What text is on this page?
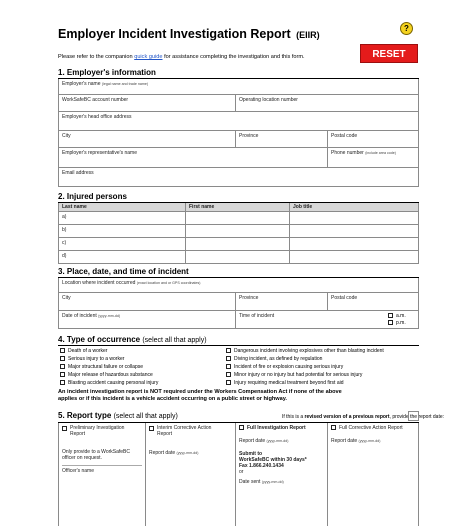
Employer Incident Investigation Report (EIIR)
?
Please refer to the companion quick guide for assistance completing the investigation and this form.	RESET
1. Employer's information
Employer's name (legal name and trade name)
WorkSafeBC account number	Operating location number
Employer's head office address
City	Province	Postal code
Employer's representative's name	Phone number (include area code)
Email address
2. Injured persons
Last name	First name	Job title
a)
b)
c)
d)
3. Place, date, and time of incident
Location where incident occurred (exact location and or GPS coordinates)
City	Province	Postal code
Date of incident (yyyy-mm-dd)	Time of incident	a.m.
p.m.
4. Type of occurrence (select all that apply)
Death of a worker
Serious injury to a worker
Major structural failure or collapse
Major release of hazardous substance
Blasting accident causing personal injury
Dangerous incident involving explosives other than blasting incident
Diving incident, as defined by regulation
Incident of fire or explosion causing serious injury
Minor injury or no injury but had potential for serious injury
Injury requiring medical treatment beyond first aid
An incident investigation report is NOT required under the Workers Compensation Act if none of the above
applies or if this incident is a vehicle accident occurring on a public street or highway.
5. Report type (select all that apply)	If this is a revised version of a previous report, provide the report date:
Preliminary Investigation Report
Only provide to a WorkSafeBC officer on request.
Officer's name
Interim Corrective Action Report
Report date (yyyy-mm-dd)
Full Investigation Report
Report date (yyyy-mm-dd)
Submit to
WorkSafeBC within 30 days*
Fax 1.866.240.1434
or
Date sent (yyyy-mm-dd)
Full Corrective Action Report
Report date (yyyy-mm-dd)
